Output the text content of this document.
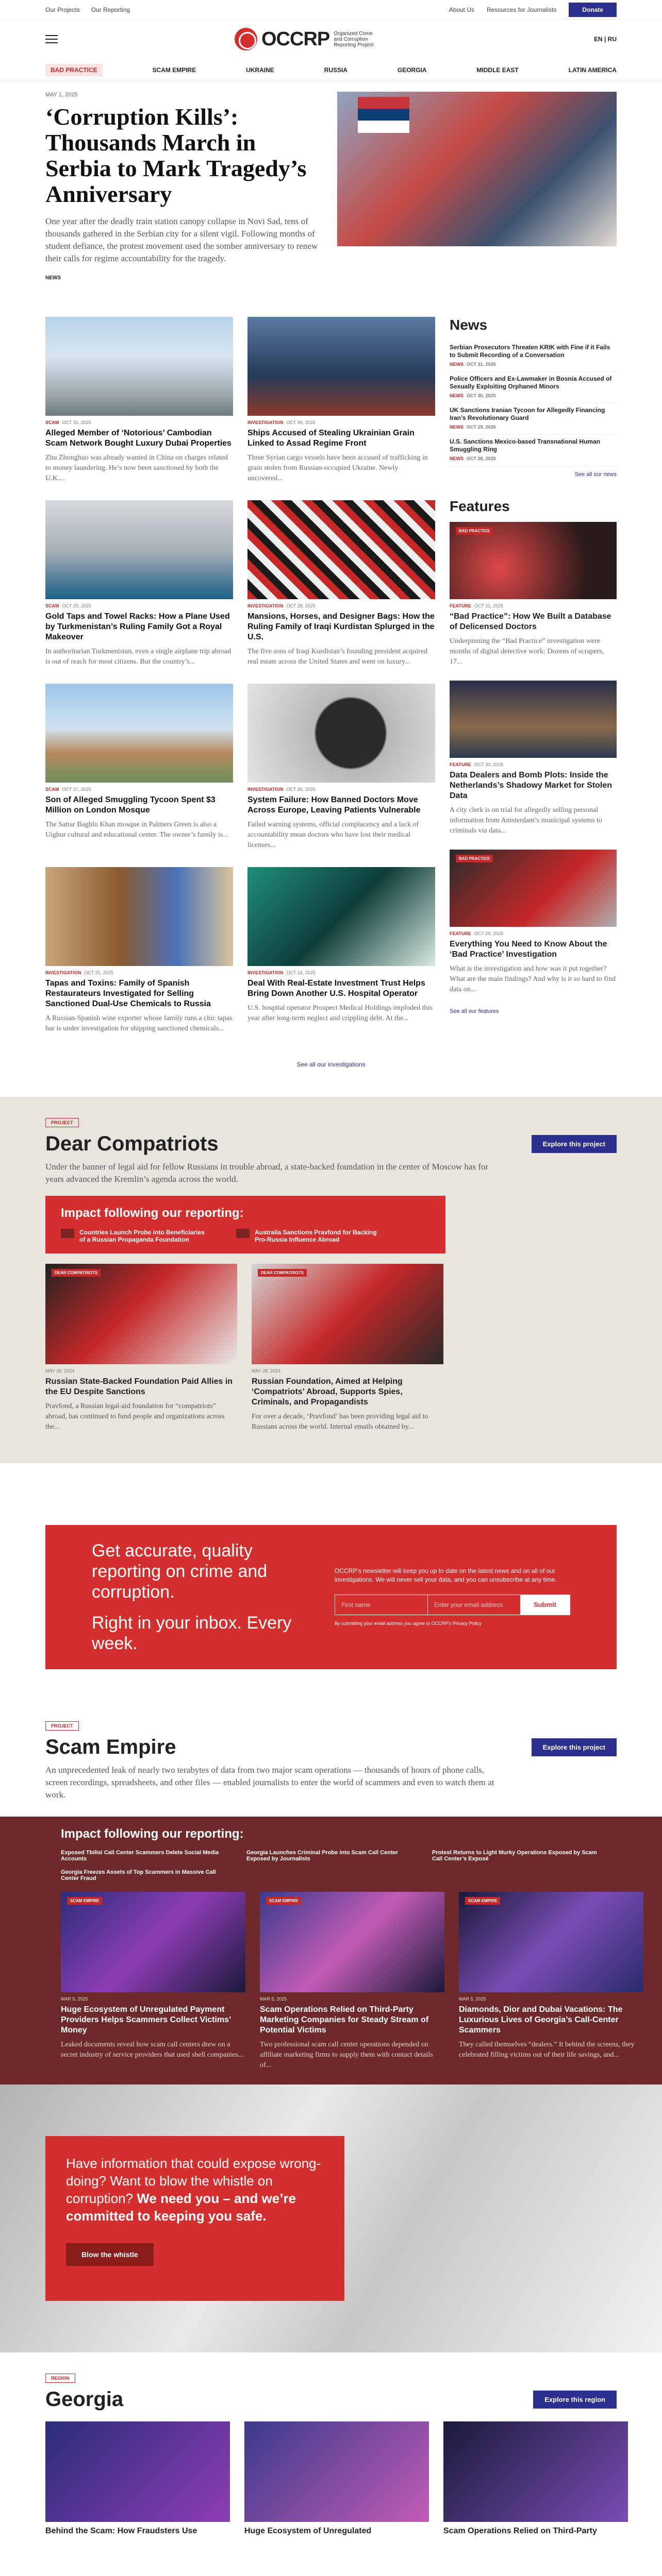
Our Projects Our Reporting	About Us Resources for Journalists	Donate
OCCRP Organized Crime and Corruption Reporting Project
EN | RU
BAD PRACTICE	SCAM EMPIRE	UKRAINE	RUSSIA	GEORGIA	MIDDLE EAST	LATIN AMERICA
MAY 1, 2025
‘Corruption Kills’: Thousands March in Serbia to Mark Tragedy’s Anniversary

One year after the deadly train station canopy collapse in Novi Sad, tens of thousands gathered in the Serbian city for a silent vigil. Following months of student defiance, the protest movement used the somber anniversary to renew their calls for regime accountability for the tragedy.

NEWS
SCAM OCT 31, 2025
Alleged Member of ‘Notorious’ Cambodian Scam Network Bought Luxury Dubai Properties

Zhu Zhonghuo was already wanted in China on charges related to money laundering. He’s now been sanctioned by both the U.K....

INVESTIGATION OCT 30, 2025
Ships Accused of Stealing Ukrainian Grain Linked to Assad Regime Front

Three Syrian cargo vessels have been accused of trafficking in grain stolen from Russian-occupied Ukraine. Newly uncovered...

SCAM OCT 29, 2025
Gold Taps and Towel Racks: How a Plane Used by Turkmenistan’s Ruling Family Got a Royal Makeover

In authoritarian Turkmenistan, even a single airplane trip abroad is out of reach for most citizens. But the country’s...

INVESTIGATION OCT 28, 2025
Mansions, Horses, and Designer Bags: How the Ruling Family of Iraqi Kurdistan Splurged in the U.S.

The five sons of Iraqi Kurdistan’s founding president acquired real estate across the United States and went on luxury...

SCAM OCT 27, 2025
Son of Alleged Smuggling Tycoon Spent $3 Million on London Mosque

The Sattar Baghlu Khan mosque in Palmers Green is also a Uighur cultural and educational center. The owner’s family is...

INVESTIGATION OCT 26, 2025
System Failure: How Banned Doctors Move Across Europe, Leaving Patients Vulnerable

Failed warning systems, official complacency and a lack of accountability mean doctors who have lost their medical licenses...

INVESTIGATION OCT 25, 2025
Tapas and Toxins: Family of Spanish Restaurateurs Investigated for Selling Sanctioned Dual-Use Chemicals to Russia

A Russian-Spanish wine exporter whose family runs a chic tapas bar is under investigation for shipping sanctioned chemicals...

INVESTIGATION OCT 24, 2025
Deal With Real-Estate Investment Trust Helps Bring Down Another U.S. Hospital Operator

U.S. hospital operator Prospect Medical Holdings imploded this year after long-term neglect and crippling debt. At the...

News
Serbian Prosecutors Threaten KRIK with Fine if it Fails to Submit Recording of a Conversation
NEWS OCT 31, 2025
Police Officers and Ex-Lawmaker in Bosnia Accused of Sexually Exploiting Orphaned Minors
NEWS OCT 30, 2025
UK Sanctions Iranian Tycoon for Allegedly Financing Iran’s Revolutionary Guard
NEWS OCT 29, 2025
U.S. Sanctions Mexico-based Transnational Human Smuggling Ring
NEWS OCT 28, 2025
See all our news
Features
BAD PRACTICE
FEATURE OCT 31, 2025
“Bad Practice”: How We Built a Database of Delicensed Doctors

Underpinning the “Bad Practice” investigation were months of digital detective work: Dozens of scrapers, 17...

FEATURE OCT 30, 2025
Data Dealers and Bomb Plots: Inside the Netherlands’s Shadowy Market for Stolen Data

A city clerk is on trial for allegedly selling personal information from Amsterdam’s municipal systems to criminals via data...

BAD PRACTICE
FEATURE OCT 29, 2025
Everything You Need to Know About the ‘Bad Practice’ Investigation

What is the investigation and how was it put together? What are the main findings? And why is it so hard to find data on...

See all our features
See all our investigations
PROJECT
Dear Compatriots	Explore this project

Under the banner of legal aid for fellow Russians in trouble abroad, a state-backed foundation in the center of Moscow has for years advanced the Kremlin’s agenda across the world.

Impact following our reporting:
Countries Launch Probe into Beneficiaries of a Russian Propaganda Foundation
Australia Sanctions Pravfond for Backing Pro-Russia Influence Abroad
DEAR COMPATRIOTS
MAY 28, 2024
Russian State-Backed Foundation Paid Allies in the EU Despite Sanctions

Pravfond, a Russian legal-aid foundation for “compatriots” abroad, has continued to fund people and organizations across the...

DEAR COMPATRIOTS
MAY 28, 2024
Russian Foundation, Aimed at Helping ‘Compatriots’ Abroad, Supports Spies, Criminals, and Propagandists

For over a decade, ‘Pravfond’ has been providing legal aid to Russians across the world. Internal emails obtained by...

Get accurate, quality reporting on crime and corruption.
Right in your inbox. Every week.
OCCRP’s newsletter will keep you up to date on the latest news and on all of our investigations. We will never sell your data, and you can unsubscribe at any time.
First name
Enter your email address
Submit
By submitting your email address you agree to OCCRP’s Privacy Policy
PROJECT
Scam Empire	Explore this project

An unprecedented leak of nearly two terabytes of data from two major scam operations — thousands of hours of phone calls, screen recordings, spreadsheets, and other files — enabled journalists to enter the world of scammers and even to watch them at work.

Impact following our reporting:
Exposed Tbilisi Call Center Scammers Delete Social Media Accounts
Georgia Launches Criminal Probe into Scam Call Center Exposed by Journalists
Protest Returns to Light Murky Operations Exposed by Scam Call Center’s Exposé
Georgia Freezes Assets of Top Scammers in Massive Call Center Fraud
SCAM EMPIRE
MAR 5, 2025
Huge Ecosystem of Unregulated Payment Providers Helps Scammers Collect Victims’ Money

Leaked documents reveal how scam call centers drew on a secret industry of service providers that used shell companies...

SCAM EMPIRE
MAR 5, 2025
Scam Operations Relied on Third-Party Marketing Companies for Steady Stream of Potential Victims

Two professional scam call center operations depended on affiliate marketing firms to supply them with contact details of...

SCAM EMPIRE
MAR 5, 2025
Diamonds, Dior and Dubai Vacations: The Luxurious Lives of Georgia’s Call-Center Scammers

They called themselves “dealers.” It behind the screens, they celebrated filling victims out of their life savings, and...

Have information that could expose wrong-doing? Want to blow the whistle on corruption? We need you – and we’re committed to keeping you safe.
Blow the whistle
REGION
Georgia	Explore this region
Behind the Scam: How Fraudsters Use	Huge Ecosystem of Unregulated	Scam Operations Relied on Third-Party
